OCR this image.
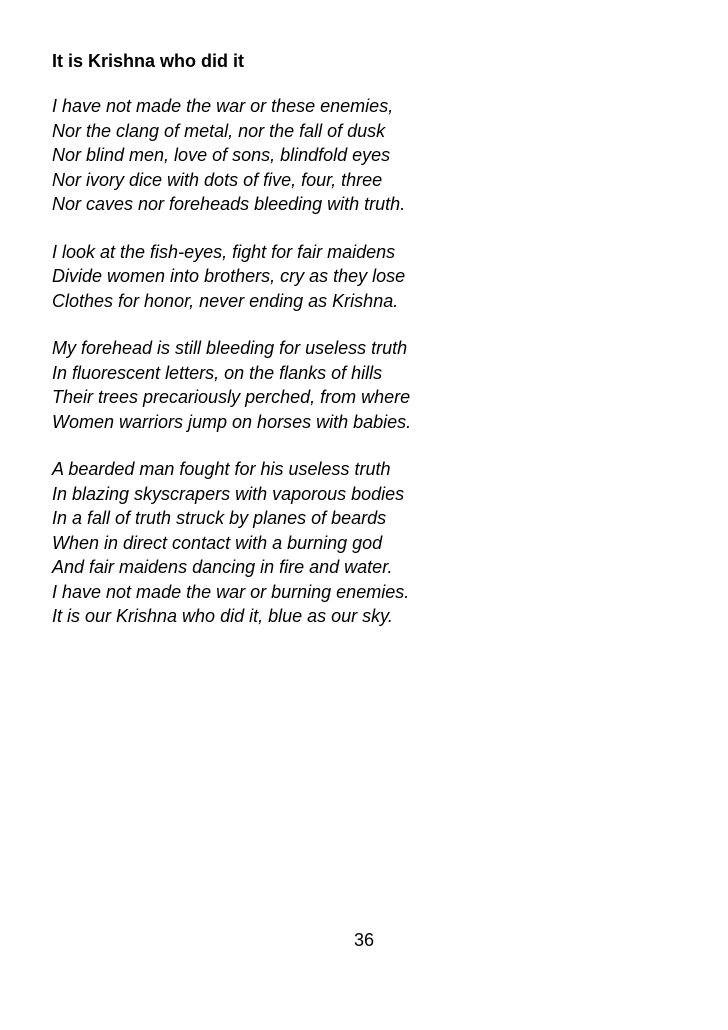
It is Krishna who did it
I have not made the war or these enemies,
Nor the clang of metal, nor the fall of dusk
Nor blind men, love of sons, blindfold eyes
Nor ivory dice with dots of five, four, three
Nor caves nor foreheads bleeding with truth.
I look at the fish-eyes, fight for fair maidens
Divide women into brothers, cry as they lose
Clothes for honor, never ending as Krishna.
My forehead is still bleeding for useless truth
In fluorescent letters, on the flanks of hills
Their trees precariously perched, from where
Women warriors jump on horses with babies.
A bearded man fought for his useless truth
In blazing skyscrapers with vaporous bodies
In a fall of truth struck by planes of beards
When in direct contact with a burning god
And fair maidens dancing in fire and water.
I have not made the war or burning enemies.
It is our Krishna who did it, blue as our sky.
36
